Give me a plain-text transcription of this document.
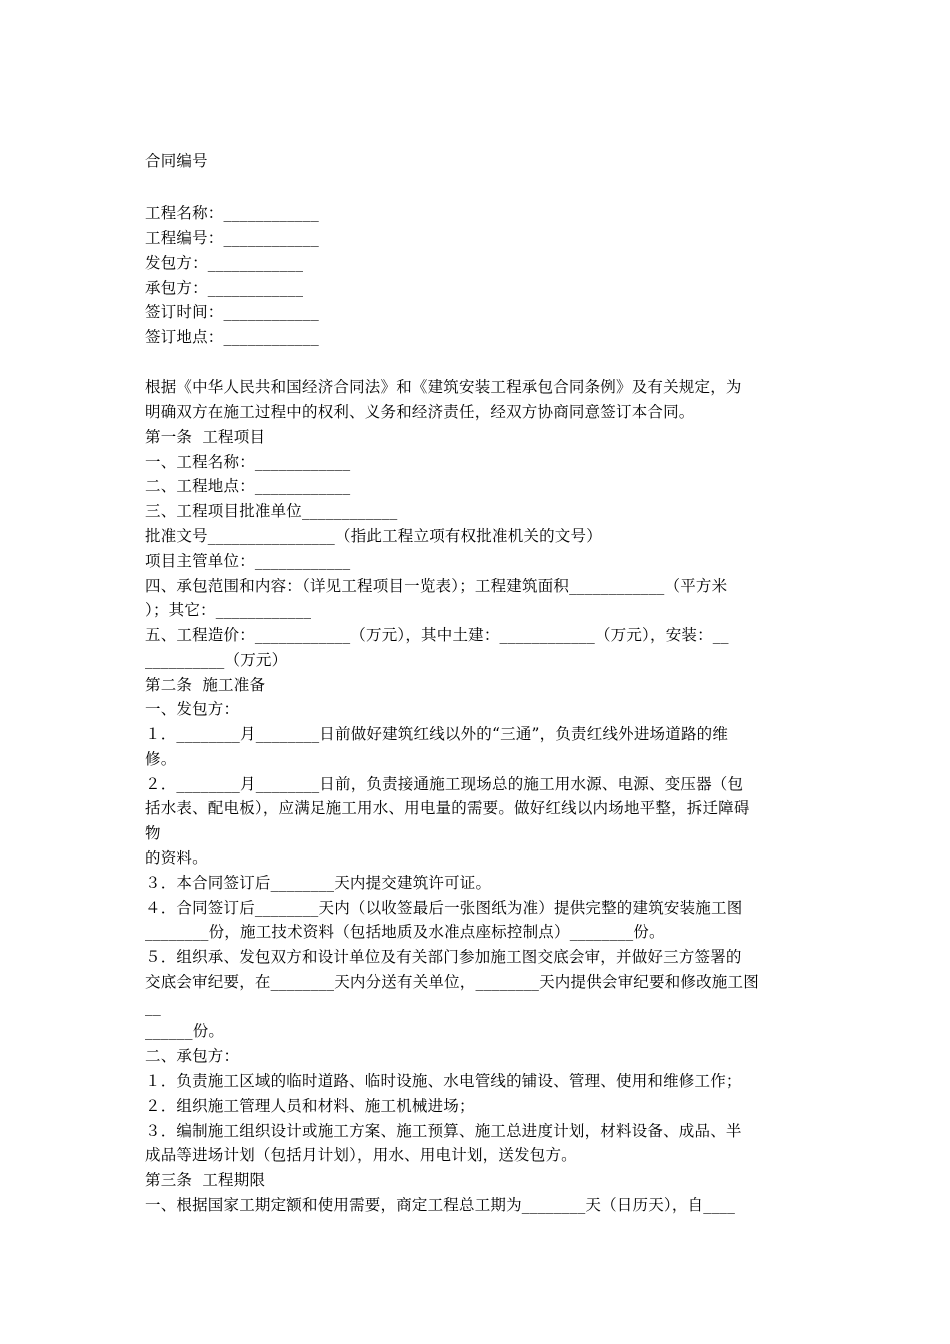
合同编号
工程名称：____________
工程编号：____________
发包方：____________
承包方：____________
签订时间：____________
签订地点：____________
根据《中华人民共和国经济合同法》和《建筑安装工程承包合同条例》及有关规定，为
明确双方在施工过程中的权利、义务和经济责任，经双方协商同意签订本合同。
第一条  工程项目
一、工程名称：____________
二、工程地点：____________
三、工程项目批准单位____________
批准文号________________（指此工程立项有权批准机关的文号）
项目主管单位：____________
四、承包范围和内容：（详见工程项目一览表）；工程建筑面积____________（平方米
）；其它：____________
五、工程造价：____________（万元），其中土建：____________（万元），安装：__
__________（万元）
第二条  施工准备
一、发包方：
１．________月________日前做好建筑红线以外的“三通”，负责红线外进场道路的维
修。
２．________月________日前，负责接通施工现场总的施工用水源、电源、变压器（包
括水表、配电板），应满足施工用水、用电量的需要。做好红线以内场地平整，拆迁障碍
物
的资料。
３．本合同签订后________天内提交建筑许可证。
４．合同签订后________天内（以收签最后一张图纸为准）提供完整的建筑安装施工图
________份，施工技术资料（包括地质及水准点座标控制点）________份。
５．组织承、发包双方和设计单位及有关部门参加施工图交底会审，并做好三方签署的
交底会审纪要，在________天内分送有关单位，________天内提供会审纪要和修改施工图
__
______份。
二、承包方：
１．负责施工区域的临时道路、临时设施、水电管线的铺设、管理、使用和维修工作；
２．组织施工管理人员和材料、施工机械进场；
３．编制施工组织设计或施工方案、施工预算、施工总进度计划，材料设备、成品、半
成品等进场计划（包括月计划），用水、用电计划，送发包方。
第三条  工程期限
一、根据国家工期定额和使用需要，商定工程总工期为________天（日历天），自____
